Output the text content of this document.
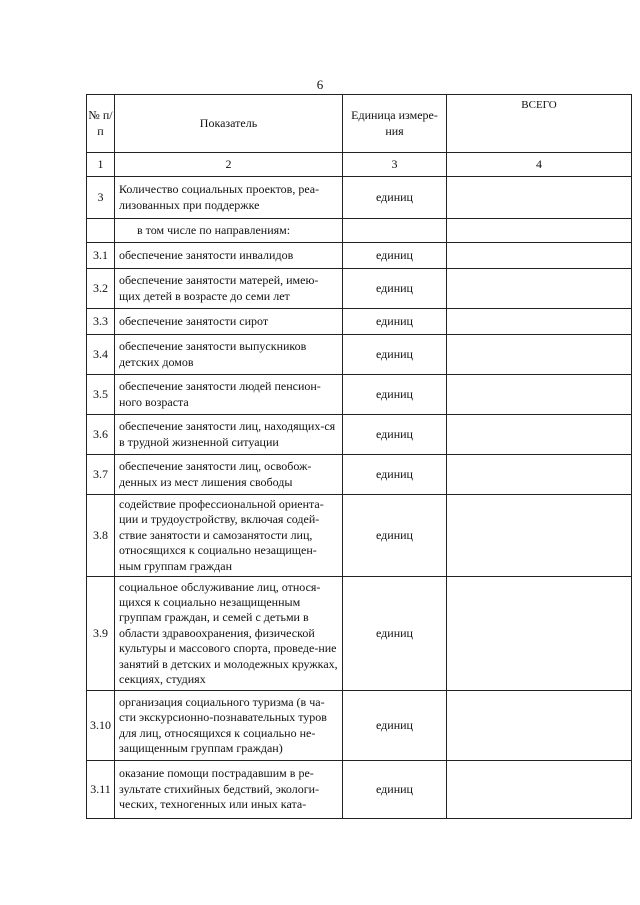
6
№ п/п	Показатель	Единица измере-ния	ВСЕГО
1	2	3	4
3	Количество социальных проектов, реа-лизованных при поддержке	единиц	
	в том числе по направлениям:		
3.1	обеспечение занятости инвалидов	единиц	
3.2	обеспечение занятости матерей, имею-щих детей в возрасте до семи лет	единиц	
3.3	обеспечение занятости сирот	единиц	
3.4	обеспечение занятости выпускников детских домов	единиц	
3.5	обеспечение занятости людей пенсион-ного возраста	единиц	
3.6	обеспечение занятости лиц, находящих-ся в трудной жизненной ситуации	единиц	
3.7	обеспечение занятости лиц, освобож-денных из мест лишения свободы	единиц	
3.8	содействие профессиональной ориента-ции и трудоустройству, включая содей-ствие занятости и самозанятости лиц, относящихся к социально незащищен-ным группам граждан	единиц	
3.9	социальное обслуживание лиц, относя-щихся к социально незащищенным группам граждан, и семей с детьми в области здравоохранения, физической культуры и массового спорта, проведе-ние занятий в детских и молодежных кружках, секциях, студиях	единиц	
3.10	организация социального туризма (в ча-сти экскурсионно-познавательных туров для лиц, относящихся к социально не-защищенным группам граждан)	единиц	
3.11	оказание помощи пострадавшим в ре-зультате стихийных бедствий, экологи-ческих, техногенных или иных ката-	единиц	
